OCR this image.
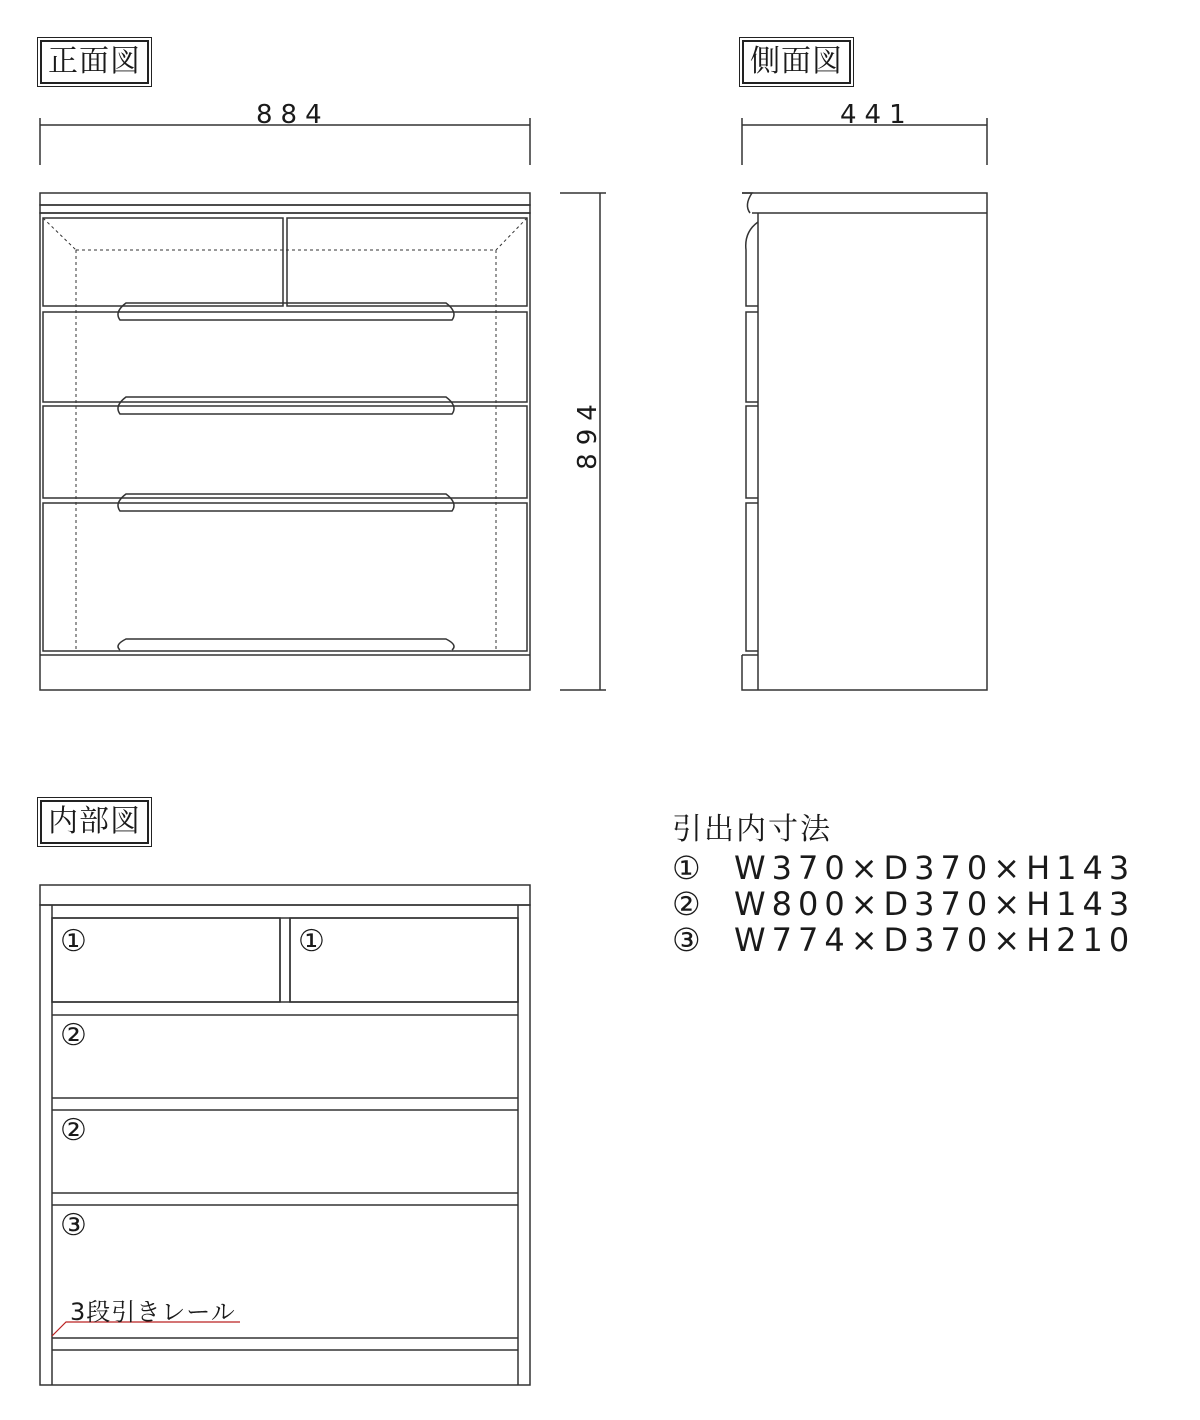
正面図	側面図
内部図
884	441
894
①	①
②
②
③
3段引きレール
引出内寸法
① W370×D370×H143
② W800×D370×H143
③ W774×D370×H210
